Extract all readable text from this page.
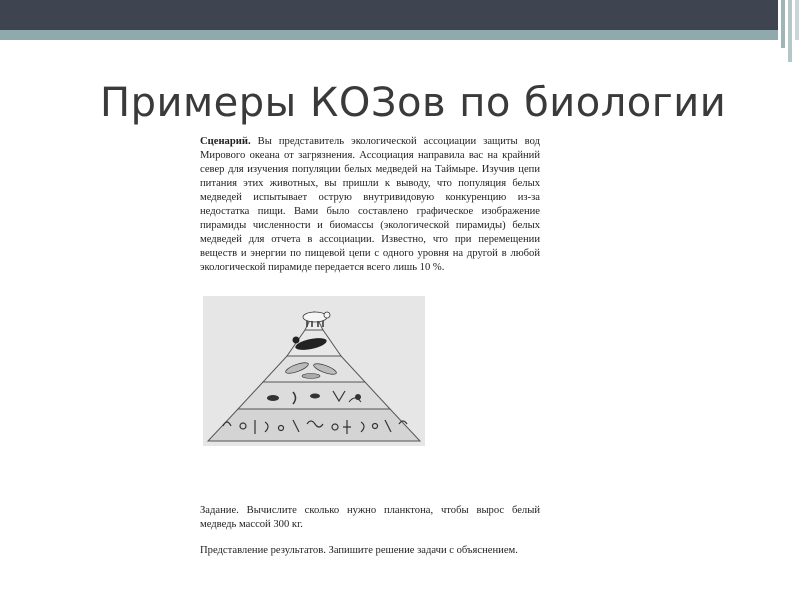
Примеры КОЗов по биологии
Сценарий. Вы представитель экологической ассоциации защиты вод Мирового океана от загрязнения. Ассоциация направила вас на крайний север для изучения популяции белых медведей на Таймыре. Изучив цепи питания этих животных, вы пришли к выводу, что популяция белых медведей испытывает острую внутривидовую конкуренцию из-за недостатка пищи. Вами было составлено графическое изображение пирамиды численности и биомассы (экологической пирамиды) белых медведей для отчета в ассоциации. Известно, что при перемещении веществ и энергии по пищевой цепи с одного уровня на другой в любой экологической пирамиде передается всего лишь 10 %.
Задание. Вычислите сколько нужно планктона, чтобы вырос белый медведь массой 300 кг.
Представление результатов. Запишите решение задачи с объяснением.
